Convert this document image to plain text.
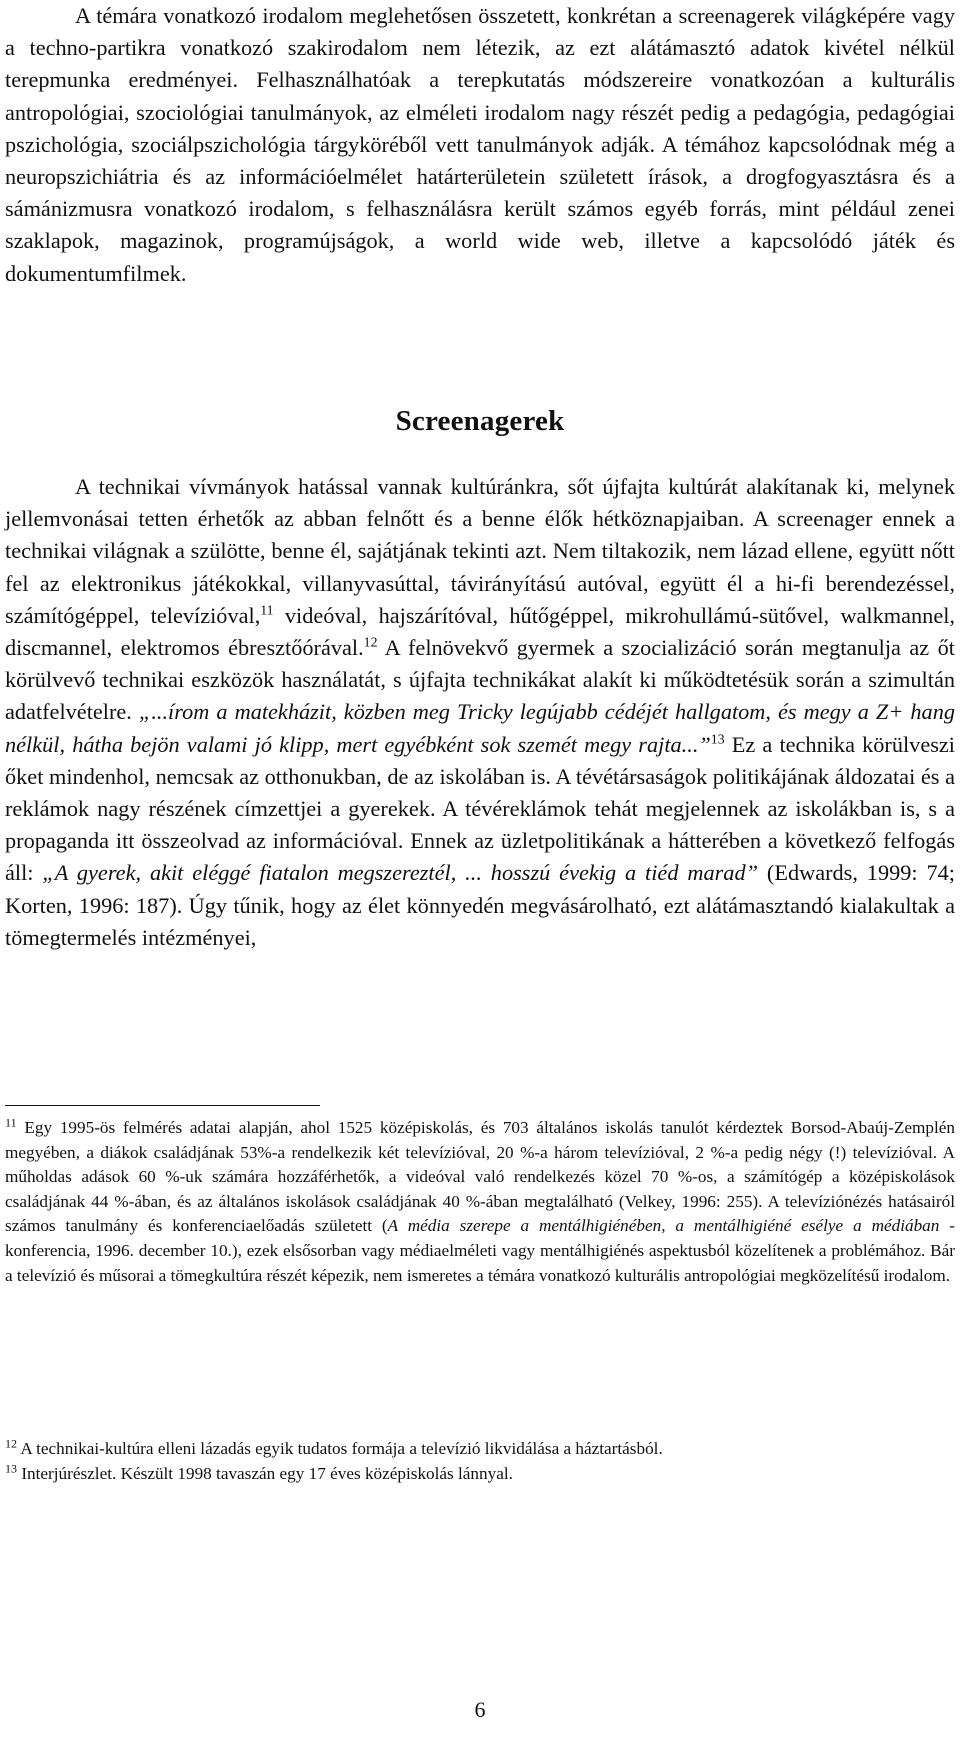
A témára vonatkozó irodalom meglehetősen összetett, konkrétan a screenagerek világképére vagy a techno-partikra vonatkozó szakirodalom nem létezik, az ezt alátámasztó adatok kivétel nélkül terepmunka eredményei. Felhasználhatóak a terepkutatás módszereire vonatkozóan a kulturális antropológiai, szociológiai tanulmányok, az elméleti irodalom nagy részét pedig a pedagógia, pedagógiai pszichológia, szociálpszichológia tárgyköréből vett tanulmányok adják. A témához kapcsolódnak még a neuropszichiátria és az információelmélet határterületein született írások, a drogfogyasztásra és a sámánizmusra vonatkozó irodalom, s felhasználásra került számos egyéb forrás, mint például zenei szaklapok, magazinok, programújságok, a world wide web, illetve a kapcsolódó játék és dokumentumfilmek.

Screenagerek

A technikai vívmányok hatással vannak kultúránkra, sőt újfajta kultúrát alakítanak ki, melynek jellemvonásai tetten érhetők az abban felnőtt és a benne élők hétköznapjaiban. A screenager ennek a technikai világnak a szülötte, benne él, sajátjának tekinti azt. Nem tiltakozik, nem lázad ellene, együtt nőtt fel az elektronikus játékokkal, villanyvasúttal, távirányítású autóval, együtt él a hi-fi berendezéssel, számítógéppel, televízióval,$^{11}$ videóval, hajszárítóval, hűtőgéppel, mikrohullámú-sütővel, walkmannel, discmannel, elektromos ébresztőórával.$^{12}$ A felnövekvő gyermek a szocializáció során megtanulja az őt körülvevő technikai eszközök használatát, s újfajta technikákat alakít ki működtetésük során a szimultán adatfelvételre. „...írom a matekházit, közben meg Tricky legújabb cédéjét hallgatom, és megy a Z+ hang nélkül, hátha bejön valami jó klipp, mert egyébként sok szemét megy rajta...”$^{13}$ Ez a technika körülveszi őket mindenhol, nemcsak az otthonukban, de az iskolában is. A tévétársaságok politikájának áldozatai és a reklámok nagy részének címzettjei a gyerekek. A tévéreklámok tehát megjelennek az iskolákban is, s a propaganda itt összeolvad az információval. Ennek az üzletpolitikának a hátterében a következő felfogás áll: „A gyerek, akit eléggé fiatalon megszereztél, ... hosszú évekig a tiéd marad” (Edwards, 1999: 74; Korten, 1996: 187). Úgy tűnik, hogy az élet könnyedén megvásárolható, ezt alátámasztandó kialakultak a tömegtermelés intézményei,

$^{11}$ Egy 1995-ös felmérés adatai alapján, ahol 1525 középiskolás, és 703 általános iskolás tanulót kérdeztek Borsod-Abaúj-Zemplén megyében, a diákok családjának 53%-a rendelkezik két televízióval, 20 %-a három televízióval, 2 %-a pedig négy (!) televízióval. A műholdas adások 60 %-uk számára hozzáférhetők, a videóval való rendelkezés közel 70 %-os, a számítógép a középiskolások családjának 44 %-ában, és az általános iskolások családjának 40 %-ában megtalálható (Velkey, 1996: 255). A televíziónézés hatásairól számos tanulmány és konferenciaelőadás született (A média szerepe a mentálhigiénében, a mentálhigiéné esélye a médiában - konferencia, 1996. december 10.), ezek elsősorban vagy médiaelméleti vagy mentálhigiénés aspektusból közelítenek a problémához. Bár a televízió és műsorai a tömegkultúra részét képezik, nem ismeretes a témára vonatkozó kulturális antropológiai megközelítésű irodalom.

$^{12}$ A technikai-kultúra elleni lázadás egyik tudatos formája a televízió likvidálása a háztartásból.

$^{13}$ Interjúrészlet. Készült 1998 tavaszán egy 17 éves középiskolás lánnyal.

6
